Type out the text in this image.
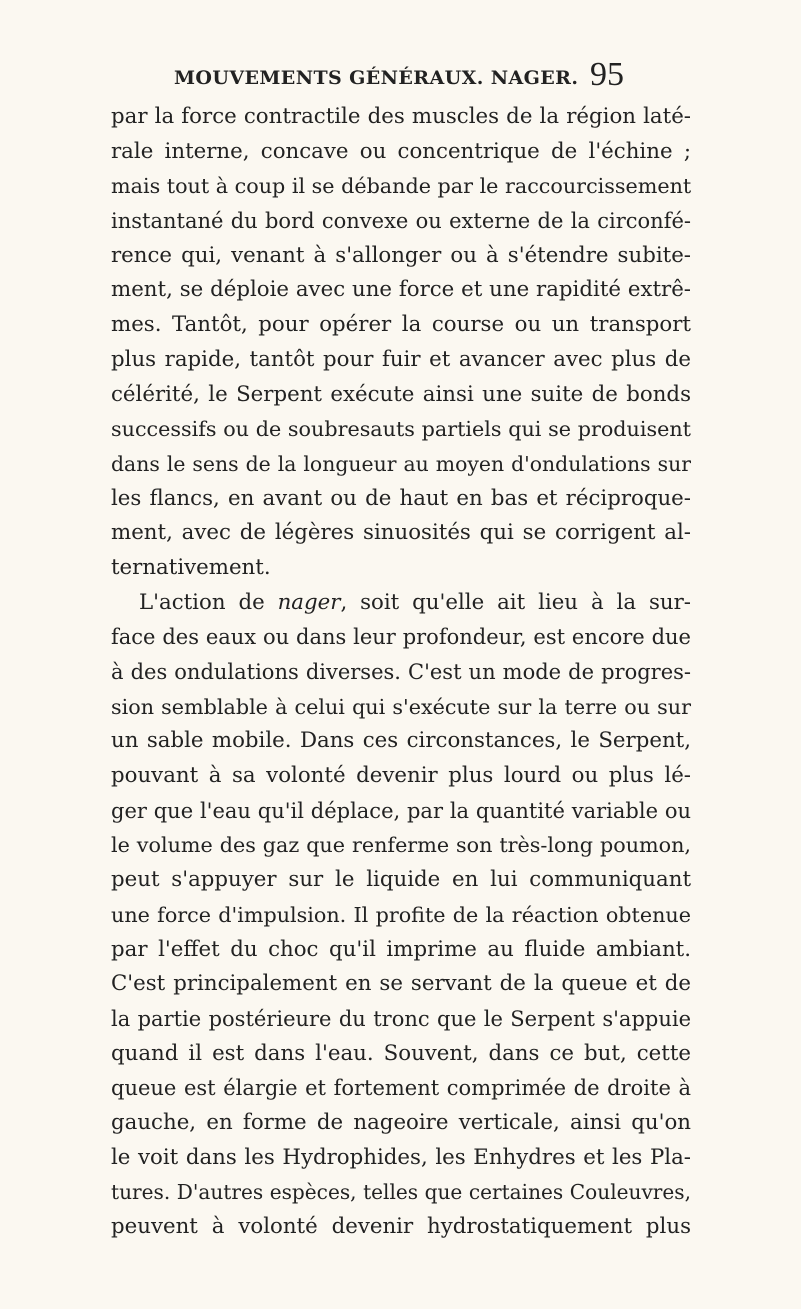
MOUVEMENTS GÉNÉRAUX. NAGER. 95
par la force contractile des muscles de la région laté-
rale interne, concave ou concentrique de l'échine ;
mais tout à coup il se débande par le raccourcissement
instantané du bord convexe ou externe de la circonfé-
rence qui, venant à s'allonger ou à s'étendre subite-
ment, se déploie avec une force et une rapidité extrê-
mes. Tantôt, pour opérer la course ou un transport
plus rapide, tantôt pour fuir et avancer avec plus de
célérité, le Serpent exécute ainsi une suite de bonds
successifs ou de soubresauts partiels qui se produisent
dans le sens de la longueur au moyen d'ondulations sur
les flancs, en avant ou de haut en bas et réciproque-
ment, avec de légères sinuosités qui se corrigent al-
ternativement.
L'action de nager, soit qu'elle ait lieu à la sur-
face des eaux ou dans leur profondeur, est encore due
à des ondulations diverses. C'est un mode de progres-
sion semblable à celui qui s'exécute sur la terre ou sur
un sable mobile. Dans ces circonstances, le Serpent,
pouvant à sa volonté devenir plus lourd ou plus lé-
ger que l'eau qu'il déplace, par la quantité variable ou
le volume des gaz que renferme son très-long poumon,
peut s'appuyer sur le liquide en lui communiquant
une force d'impulsion. Il profite de la réaction obtenue
par l'effet du choc qu'il imprime au fluide ambiant.
C'est principalement en se servant de la queue et de
la partie postérieure du tronc que le Serpent s'appuie
quand il est dans l'eau. Souvent, dans ce but, cette
queue est élargie et fortement comprimée de droite à
gauche, en forme de nageoire verticale, ainsi qu'on
le voit dans les Hydrophides, les Enhydres et les Pla-
tures. D'autres espèces, telles que certaines Couleuvres,
peuvent à volonté devenir hydrostatiquement plus
